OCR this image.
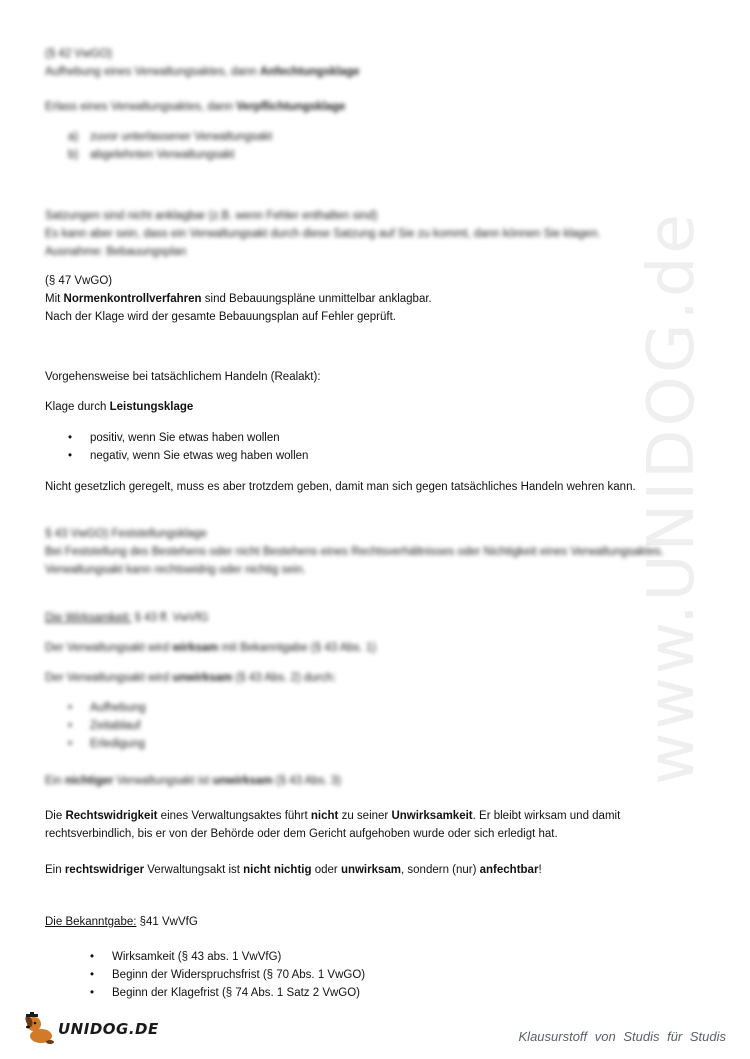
www.UNIDOG.de
(§ 42 VwGO)
Aufhebung eines Verwaltungsaktes, dann Anfechtungsklage
Erlass eines Verwaltungsaktes, dann Verpflichtungsklage
a) zuvor unterlassener Verwaltungsakt
b) abgelehnten Verwaltungsakt
Satzungen sind nicht anklagbar (z.B. wenn Fehler enthalten sind)
Es kann aber sein, dass ein Verwaltungsakt durch diese Satzung auf Sie zu kommt, dann können Sie klagen.
Ausnahme: Bebauungsplan
(§ 47 VwGO)
Mit Normenkontrollverfahren sind Bebauungspläne unmittelbar anklagbar.
Nach der Klage wird der gesamte Bebauungsplan auf Fehler geprüft.
Vorgehensweise bei tatsächlichem Handeln (Realakt):
Klage durch Leistungsklage
• positiv, wenn Sie etwas haben wollen
• negativ, wenn Sie etwas weg haben wollen
Nicht gesetzlich geregelt, muss es aber trotzdem geben, damit man sich gegen tatsächliches Handeln wehren kann.
§ 43 VwGO) Feststellungsklage
Bei Feststellung des Bestehens oder nicht Bestehens eines Rechtsverhältnisses oder Nichtigkeit eines Verwaltungsaktes.
Verwaltungsakt kann rechtswidrig oder nichtig sein.
Die Wirksamkeit: § 43 ff. VwVfG
Der Verwaltungsakt wird wirksam mit Bekanntgabe (§ 43 Abs. 1)
Der Verwaltungsakt wird unwirksam (§ 43 Abs. 2) durch:
• Aufhebung
• Zeitablauf
• Erledigung
Ein nichtiger Verwaltungsakt ist unwirksam (§ 43 Abs. 3)
Die Rechtswidrigkeit eines Verwaltungsaktes führt nicht zu seiner Unwirksamkeit. Er bleibt wirksam und damit
rechtsverbindlich, bis er von der Behörde oder dem Gericht aufgehoben wurde oder sich erledigt hat.
Ein rechtswidriger Verwaltungsakt ist nicht nichtig oder unwirksam, sondern (nur) anfechtbar!
Die Bekanntgabe: §41 VwVfG
• Wirksamkeit (§ 43 abs. 1 VwVfG)
• Beginn der Widerspruchsfrist (§ 70 Abs. 1 VwGO)
• Beginn der Klagefrist (§ 74 Abs. 1 Satz 2 VwGO)
UNIDOG.DE	Klausurstoff von Studis für Studis
